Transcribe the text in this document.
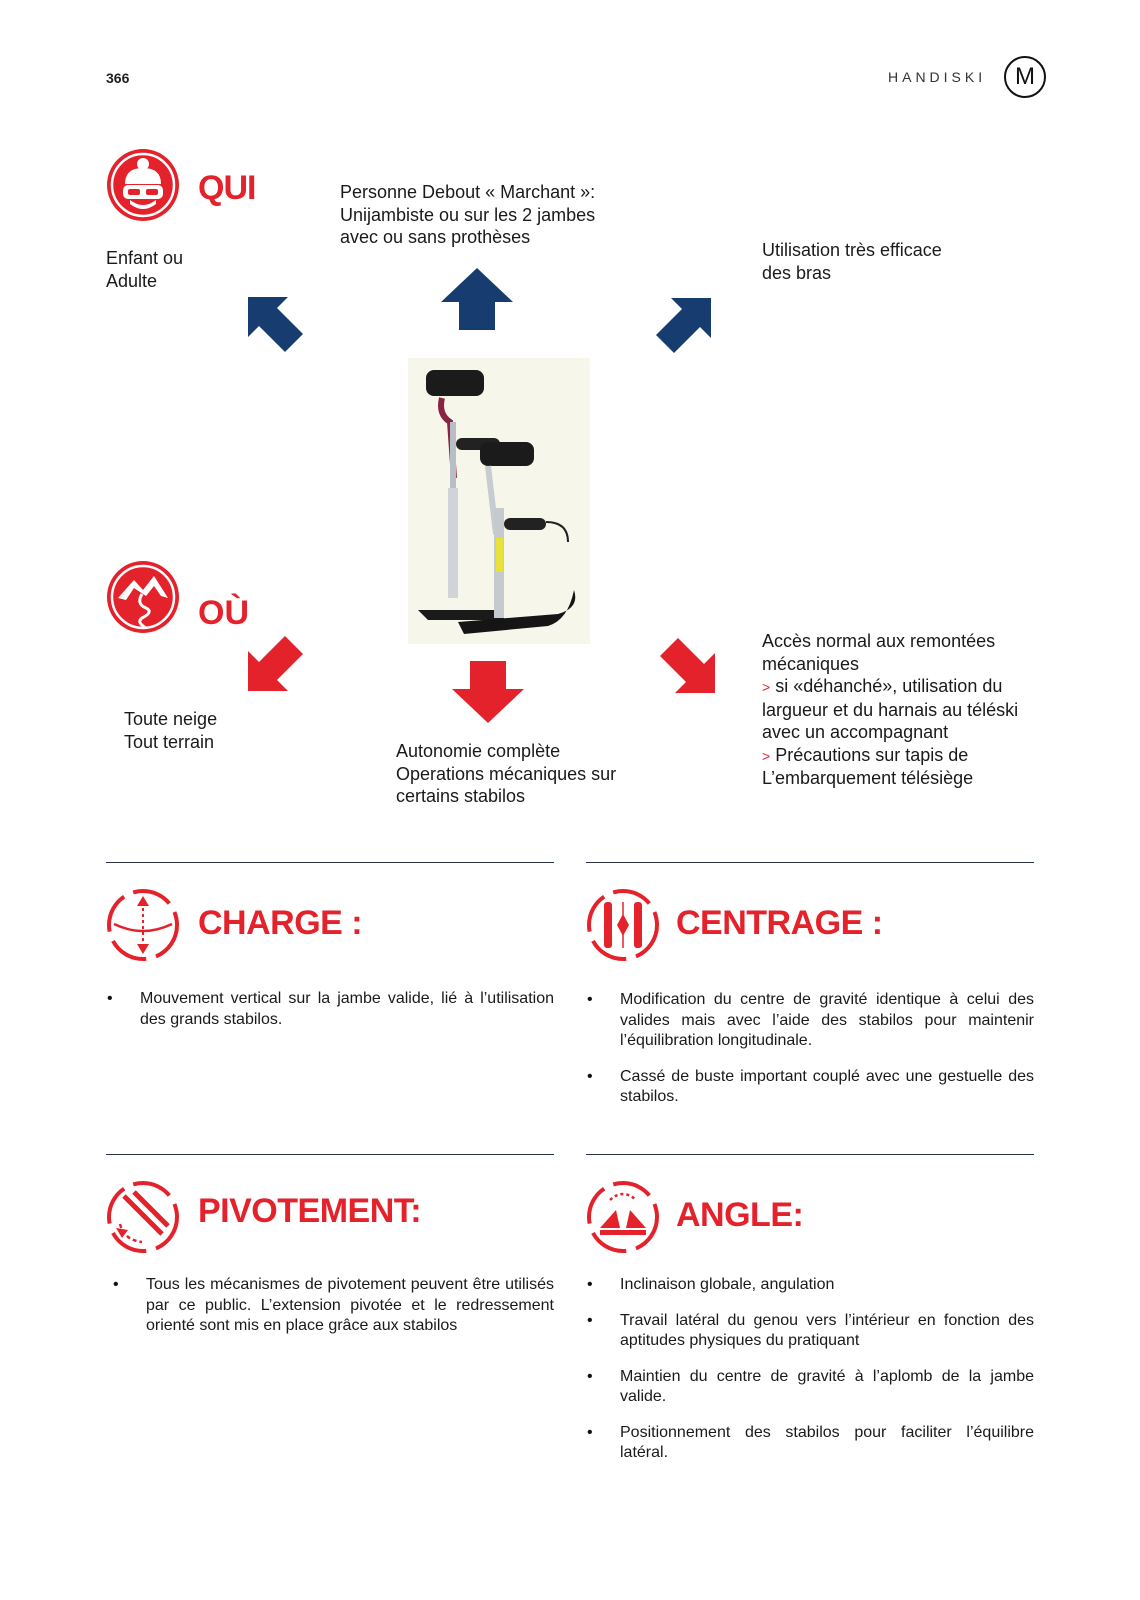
366	HANDISKI M
QUI
Enfant ou
Adulte
Personne Debout « Marchant »:
Unijambiste ou sur les 2 jambes
avec ou sans prothèses
Utilisation très efficace
des bras
OÙ
Toute neige
Tout terrain	Autonomie complète
Operations mécaniques sur
certains stabilos
Accès normal aux remontées
mécaniques
> si «déhanché», utilisation du
largueur et du harnais au téléski
avec un accompagnant
> Précautions sur tapis de
L’embarquement télésiège
CHARGE :
• Mouvement vertical sur la jambe valide, lié à l’utilisation des grands stabilos.
CENTRAGE :
• Modification du centre de gravité identique à celui des valides mais avec l’aide des stabilos pour maintenir l’équilibration longitudinale.
• Cassé de buste important couplé avec une gestuelle des stabilos.
PIVOTEMENT:
• Tous les mécanismes de pivotement peuvent être utilisés par ce public. L’extension pivotée et le redressement orienté sont mis en place grâce aux stabilos
ANGLE:
• Inclinaison globale, angulation
• Travail latéral du genou vers l’intérieur en fonction des aptitudes physiques du pratiquant
• Maintien du centre de gravité à l’aplomb de la jambe valide.
• Positionnement des stabilos pour faciliter l’équilibre latéral.
